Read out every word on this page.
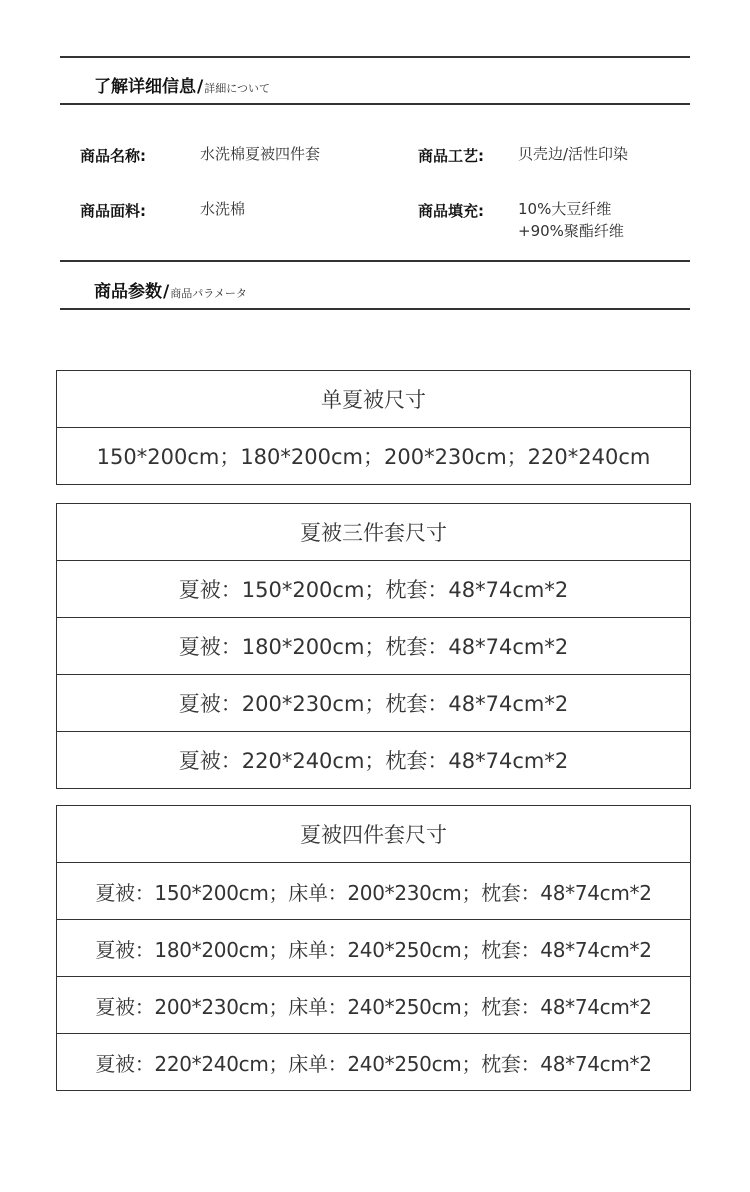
了解详细信息 / 詳細について
商品名称:	水洗棉夏被四件套	商品工艺: 贝壳边/活性印染
商品面料:	水洗棉	商品填充: 10%大豆纤维
+90%聚酯纤维
商品参数 / 商品パラメータ
单夏被尺寸
150*200cm；180*200cm；200*230cm；220*240cm
夏被三件套尺寸
夏被：150*200cm；枕套：48*74cm*2
夏被：180*200cm；枕套：48*74cm*2
夏被：200*230cm；枕套：48*74cm*2
夏被：220*240cm；枕套：48*74cm*2
夏被四件套尺寸
夏被：150*200cm；床单：200*230cm；枕套：48*74cm*2
夏被：180*200cm；床单：240*250cm；枕套：48*74cm*2
夏被：200*230cm；床单：240*250cm；枕套：48*74cm*2
夏被：220*240cm；床单：240*250cm；枕套：48*74cm*2
